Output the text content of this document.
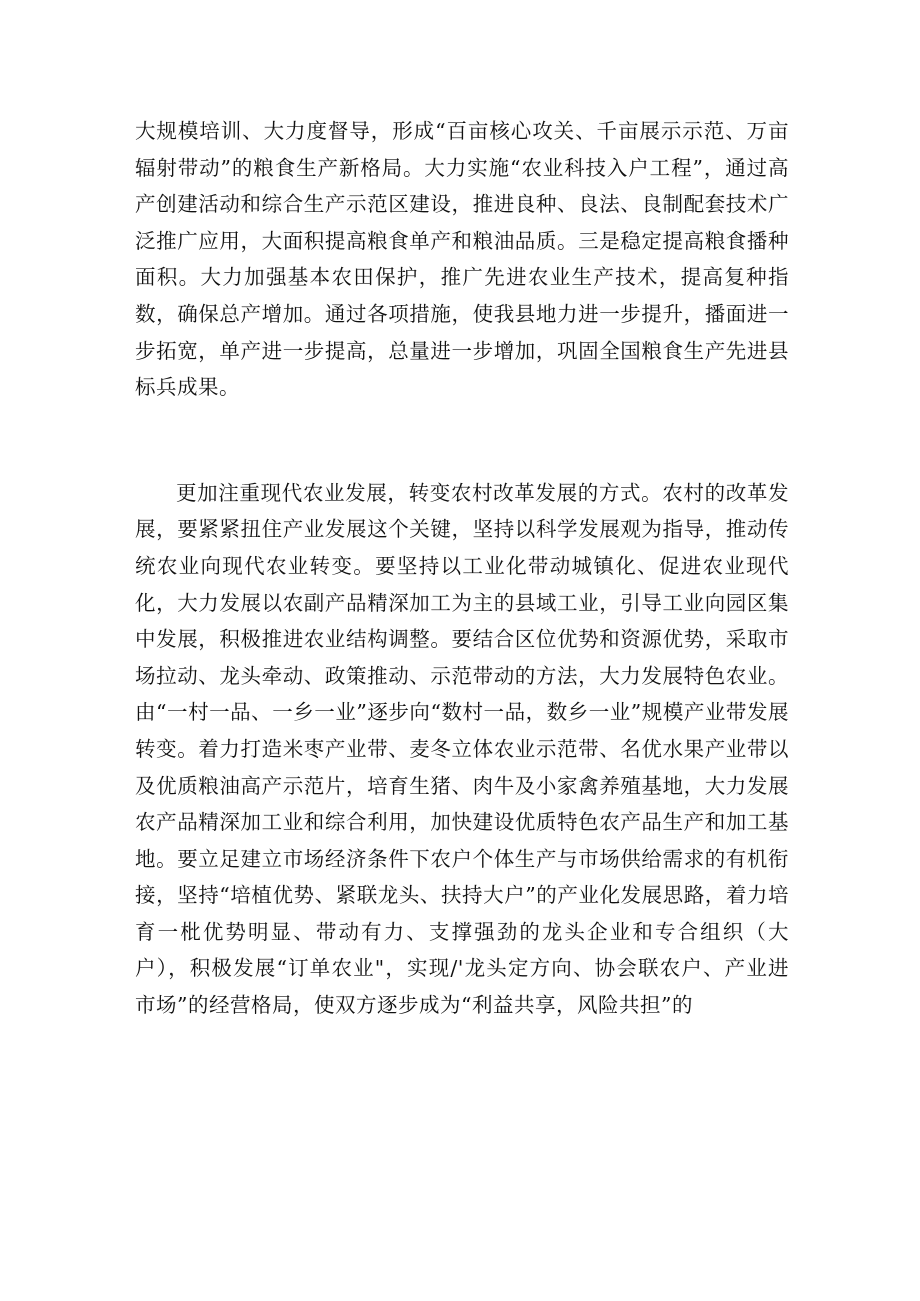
大规模培训、大力度督导，形成“百亩核心攻关、千亩展示示范、万亩辐射带动”的粮食生产新格局。大力实施“农业科技入户工程”，通过高产创建活动和综合生产示范区建设，推进良种、良法、良制配套技术广泛推广应用，大面积提高粮食单产和粮油品质。三是稳定提高粮食播种面积。大力加强基本农田保护，推广先进农业生产技术，提高复种指数，确保总产增加。通过各项措施，使我县地力进一步提升，播面进一步拓宽，单产进一步提高，总量进一步增加，巩固全国粮食生产先进县标兵成果。

更加注重现代农业发展，转变农村改革发展的方式。农村的改革发展，要紧紧扭住产业发展这个关键，坚持以科学发展观为指导，推动传统农业向现代农业转变。要坚持以工业化带动城镇化、促进农业现代化，大力发展以农副产品精深加工为主的县域工业，引导工业向园区集中发展，积极推进农业结构调整。要结合区位优势和资源优势，采取市场拉动、龙头牵动、政策推动、示范带动的方法，大力发展特色农业。由“一村一品、一乡一业”逐步向“数村一品，数乡一业”规模产业带发展转变。着力打造米枣产业带、麦冬立体农业示范带、名优水果产业带以及优质粮油高产示范片，培育生猪、肉牛及小家禽养殖基地，大力发展农产品精深加工业和综合利用，加快建设优质特色农产品生产和加工基地。要立足建立市场经济条件下农户个体生产与市场供给需求的有机衔接，坚持“培植优势、紧联龙头、扶持大户”的产业化发展思路，着力培育一枇优势明显、带动有力、支撑强劲的龙头企业和专合组织（大户），积极发展“订单农业"，实现/'龙头定方向、协会联农户、产业进市场”的经营格局，使双方逐步成为“利益共享，风险共担”的
